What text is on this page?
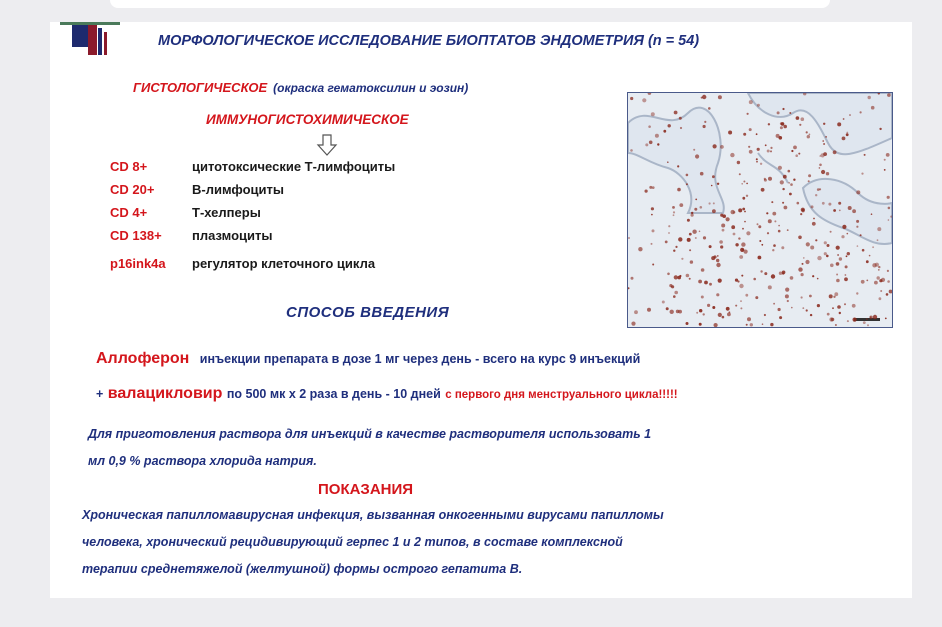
МОРФОЛОГИЧЕСКОЕ ИССЛЕДОВАНИЕ БИОПТАТОВ ЭНДОМЕТРИЯ (n = 54)
ГИСТОЛОГИЧЕСКОЕ (окраска гематоксилин и эозин)
ИММУНОГИСТОХИМИЧЕСКОЕ
CD 8+	цитотоксические Т-лимфоциты
CD 20+	В-лимфоциты
CD 4+	Т-хелперы
CD 138+ плазмоциты
p16ink4a регулятор клеточного цикла
СПОСОБ ВВЕДЕНИЯ
Аллоферон инъекции препарата в дозе 1 мг через день - всего на курс 9 инъекций
+ валацикловир по 500 мк х 2 раза в день - 10 дней с первого дня менструального цикла!!!!!
Для приготовления раствора для инъекций в качестве растворителя использовать 1
мл 0,9 % раствора хлорида натрия.
ПОКАЗАНИЯ
Хроническая папилломавирусная инфекция, вызванная онкогенными вирусами папилломы
человека, хронический рецидивирующий герпес 1 и 2 типов, в составе комплексной
терапии среднетяжелой (желтушной) формы острого гепатита В.
